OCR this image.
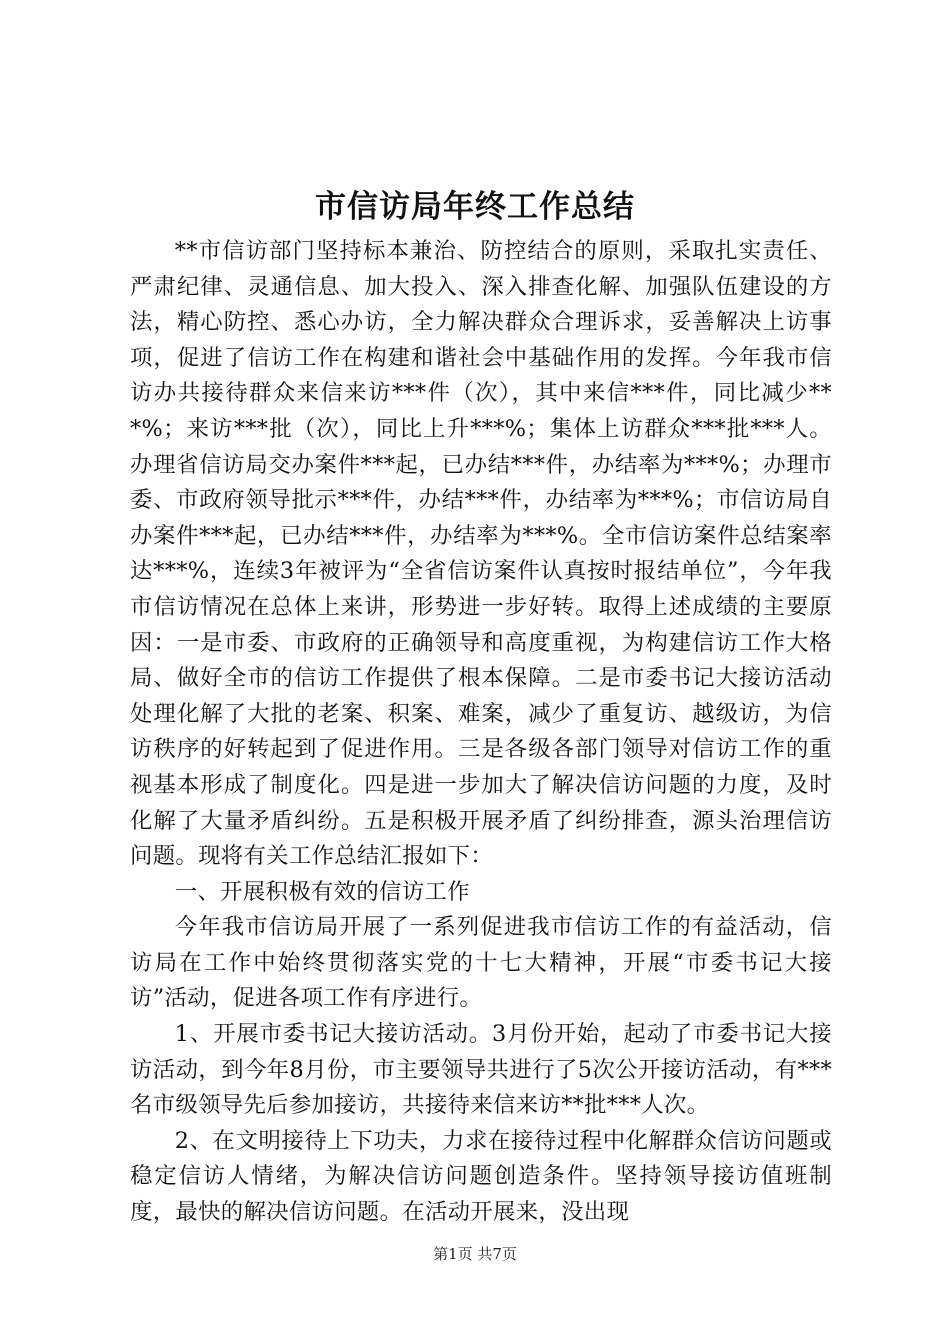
市信访局年终工作总结

**市信访部门坚持标本兼治、防控结合的原则，采取扎实责任、严肃纪律、灵通信息、加大投入、深入排查化解、加强队伍建设的方法，精心防控、悉心办访，全力解决群众合理诉求，妥善解决上访事项，促进了信访工作在构建和谐社会中基础作用的发挥。今年我市信访办共接待群众来信来访***件（次），其中来信***件，同比减少***%；来访***批（次），同比上升***%；集体上访群众***批***人。办理省信访局交办案件***起，已办结***件，办结率为***%；办理市委、市政府领导批示***件，办结***件，办结率为***%；市信访局自办案件***起，已办结***件，办结率为***%。全市信访案件总结案率达***%，连续3年被评为“全省信访案件认真按时报结单位”，今年我市信访情况在总体上来讲，形势进一步好转。取得上述成绩的主要原因：一是市委、市政府的正确领导和高度重视，为构建信访工作大格局、做好全市的信访工作提供了根本保障。二是市委书记大接访活动处理化解了大批的老案、积案、难案，减少了重复访、越级访，为信访秩序的好转起到了促进作用。三是各级各部门领导对信访工作的重视基本形成了制度化。四是进一步加大了解决信访问题的力度，及时化解了大量矛盾纠纷。五是积极开展矛盾了纠纷排查，源头治理信访问题。现将有关工作总结汇报如下：

一、开展积极有效的信访工作

今年我市信访局开展了一系列促进我市信访工作的有益活动，信访局在工作中始终贯彻落实党的十七大精神，开展“市委书记大接访”活动，促进各项工作有序进行。

1、开展市委书记大接访活动。3月份开始，起动了市委书记大接访活动，到今年8月份，市主要领导共进行了5次公开接访活动，有***名市级领导先后参加接访，共接待来信来访**批***人次。

2、在文明接待上下功夫，力求在接待过程中化解群众信访问题或稳定信访人情绪，为解决信访问题创造条件。坚持领导接访值班制度，最快的解决信访问题。在活动开展来，没出现

第1页 共7页
